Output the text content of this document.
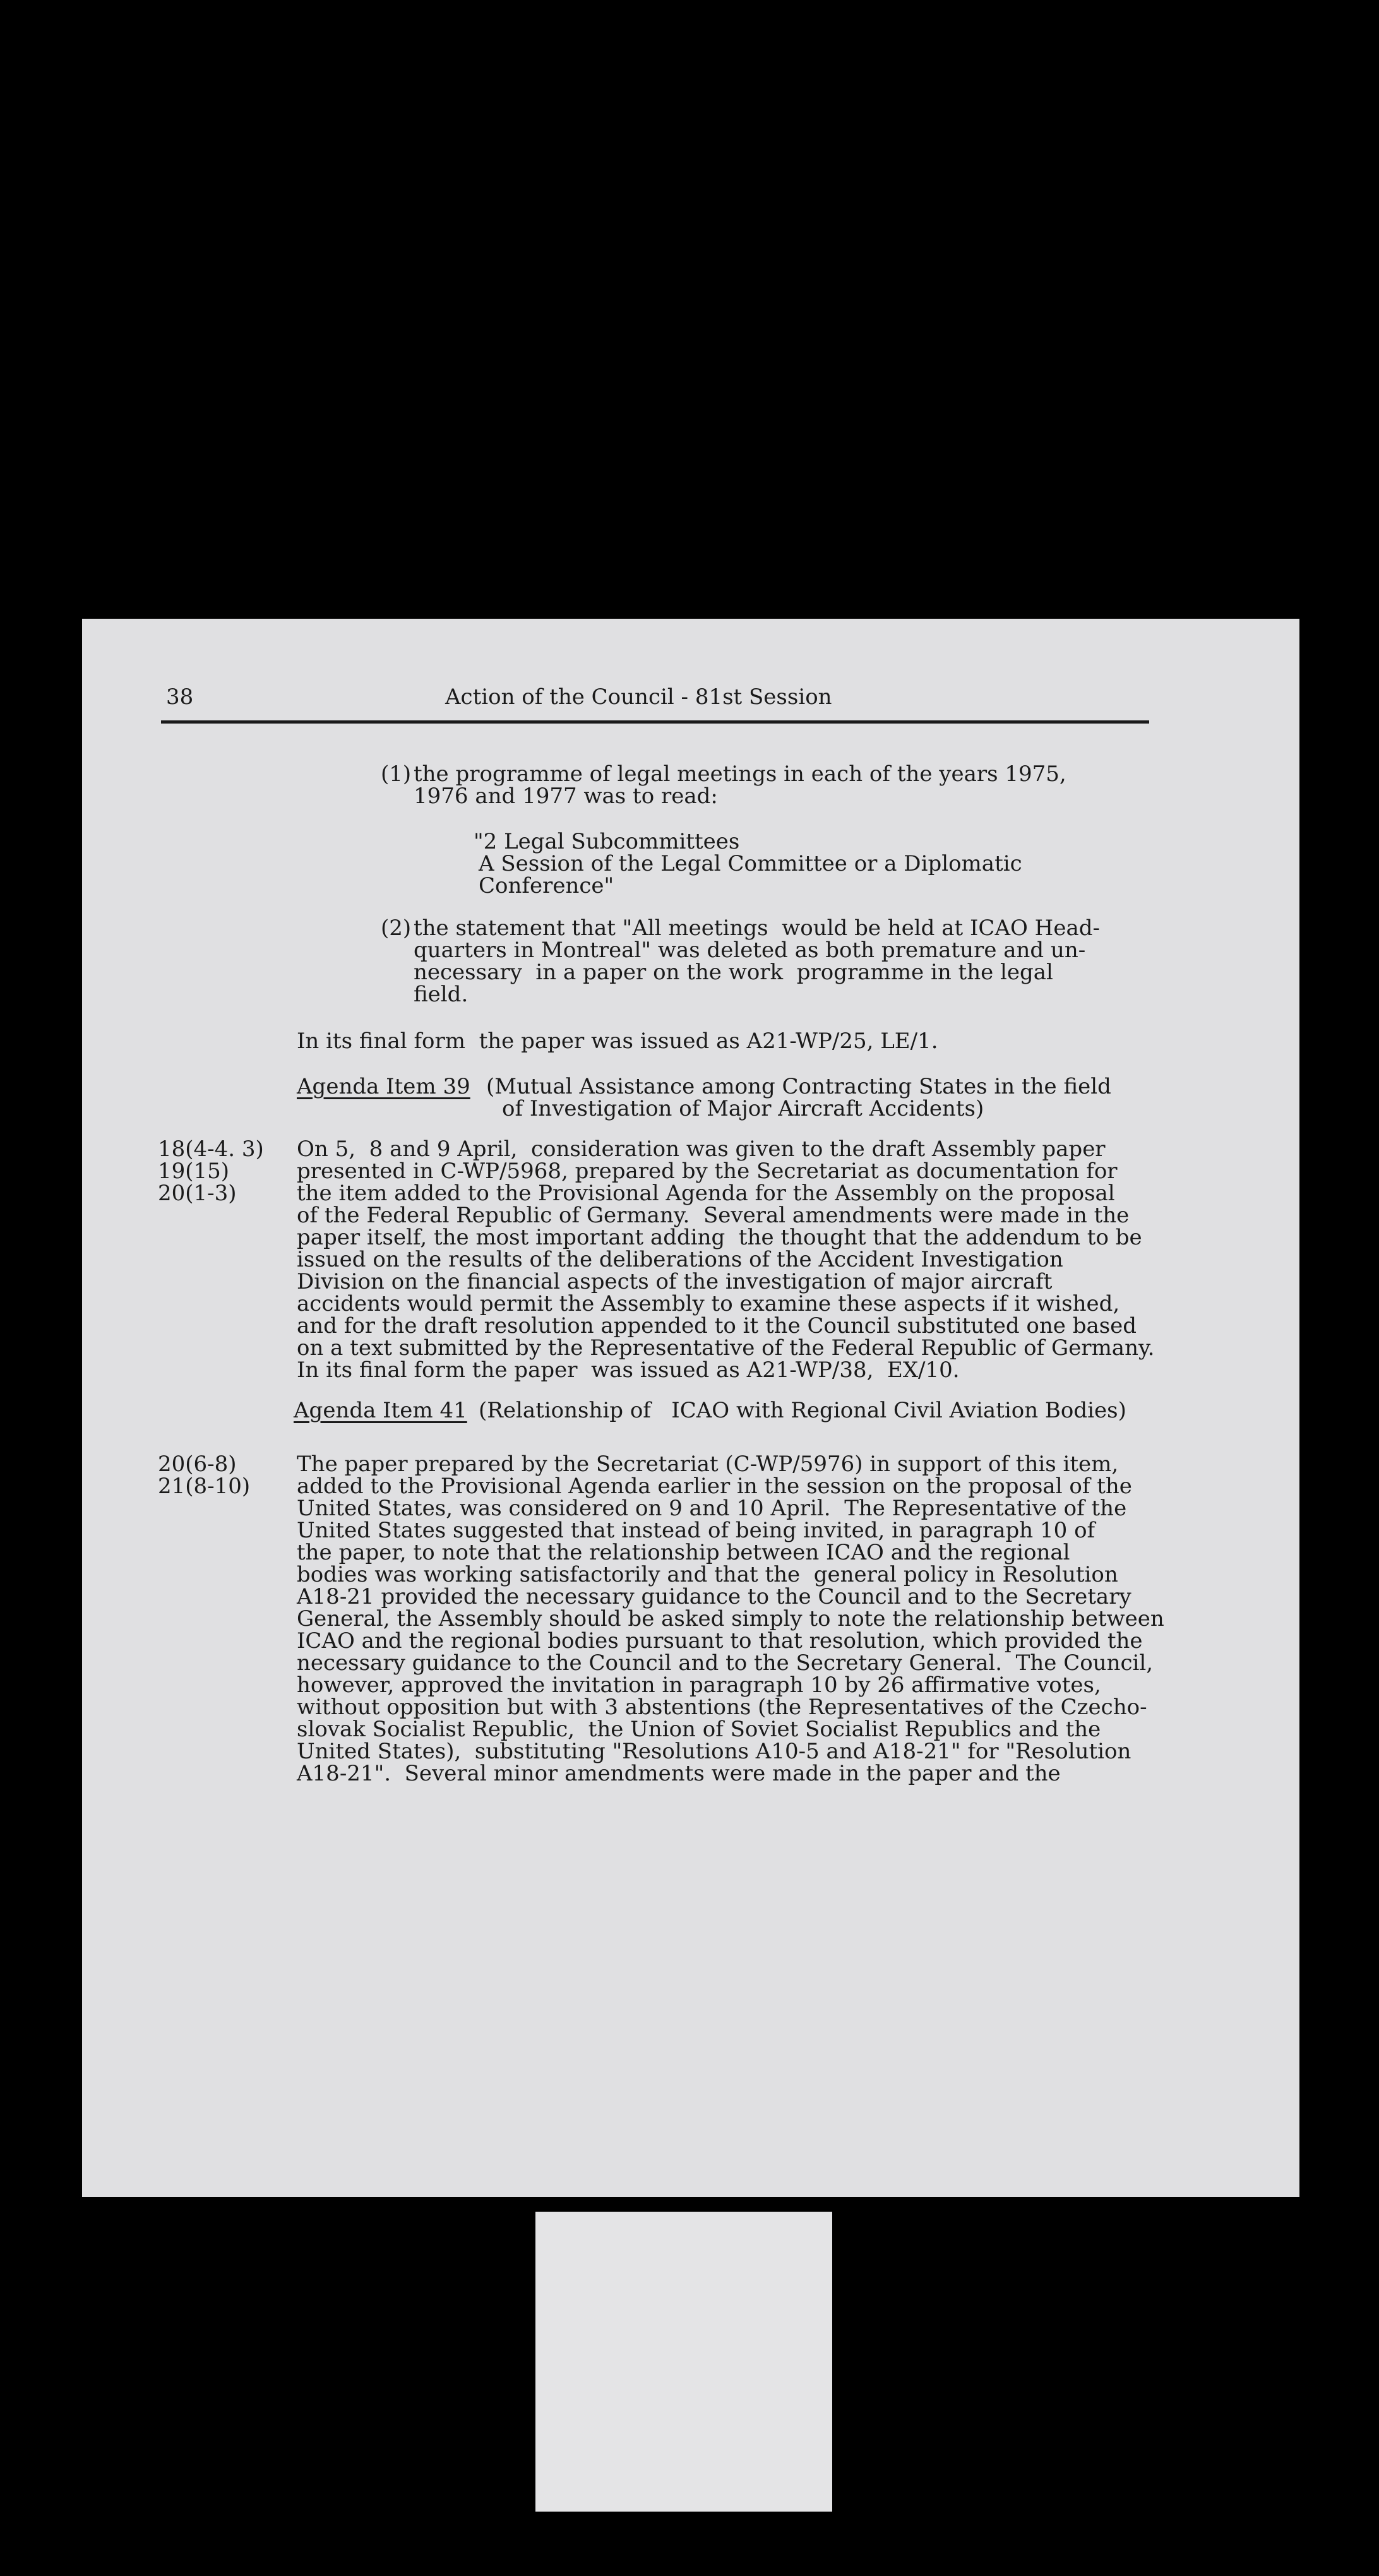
38	Action of the Council - 81st Session
(1) the programme of legal meetings in each of the years 1975,
1976 and 1977 was to read:
"2 Legal Subcommittees
A Session of the Legal Committee or a Diplomatic
Conference"
(2) the statement that "All meetings  would be held at ICAO Head-
quarters in Montreal" was deleted as both premature and un-
necessary  in a paper on the work  programme in the legal
field.
In its final form  the paper was issued as A21-WP/25, LE/1.
Agenda Item 39 (Mutual Assistance among Contracting States in the field
of Investigation of Major Aircraft Accidents)
18(4-4. 3)
19(15)
20(1-3)
On 5,  8 and 9 April,  consideration was given to the draft Assembly paper
presented in C-WP/5968, prepared by the Secretariat as documentation for
the item added to the Provisional Agenda for the Assembly on the proposal
of the Federal Republic of Germany.  Several amendments were made in the
paper itself, the most important adding  the thought that the addendum to be
issued on the results of the deliberations of the Accident Investigation
Division on the financial aspects of the investigation of major aircraft
accidents would permit the Assembly to examine these aspects if it wished,
and for the draft resolution appended to it the Council substituted one based
on a text submitted by the Representative of the Federal Republic of Germany.
In its final form the paper  was issued as A21-WP/38,  EX/10.
Agenda Item 41 (Relationship of   ICAO with Regional Civil Aviation Bodies)
20(6-8)
21(8-10)
The paper prepared by the Secretariat (C-WP/5976) in support of this item,
added to the Provisional Agenda earlier in the session on the proposal of the
United States, was considered on 9 and 10 April.  The Representative of the
United States suggested that instead of being invited, in paragraph 10 of
the paper, to note that the relationship between ICAO and the regional
bodies was working satisfactorily and that the  general policy in Resolution
A18-21 provided the necessary guidance to the Council and to the Secretary
General, the Assembly should be asked simply to note the relationship between
ICAO and the regional bodies pursuant to that resolution, which provided the
necessary guidance to the Council and to the Secretary General.  The Council,
however, approved the invitation in paragraph 10 by 26 affirmative votes,
without opposition but with 3 abstentions (the Representatives of the Czecho-
slovak Socialist Republic,  the Union of Soviet Socialist Republics and the
United States),  substituting "Resolutions A10-5 and A18-21" for "Resolution
A18-21".  Several minor amendments were made in the paper and the
